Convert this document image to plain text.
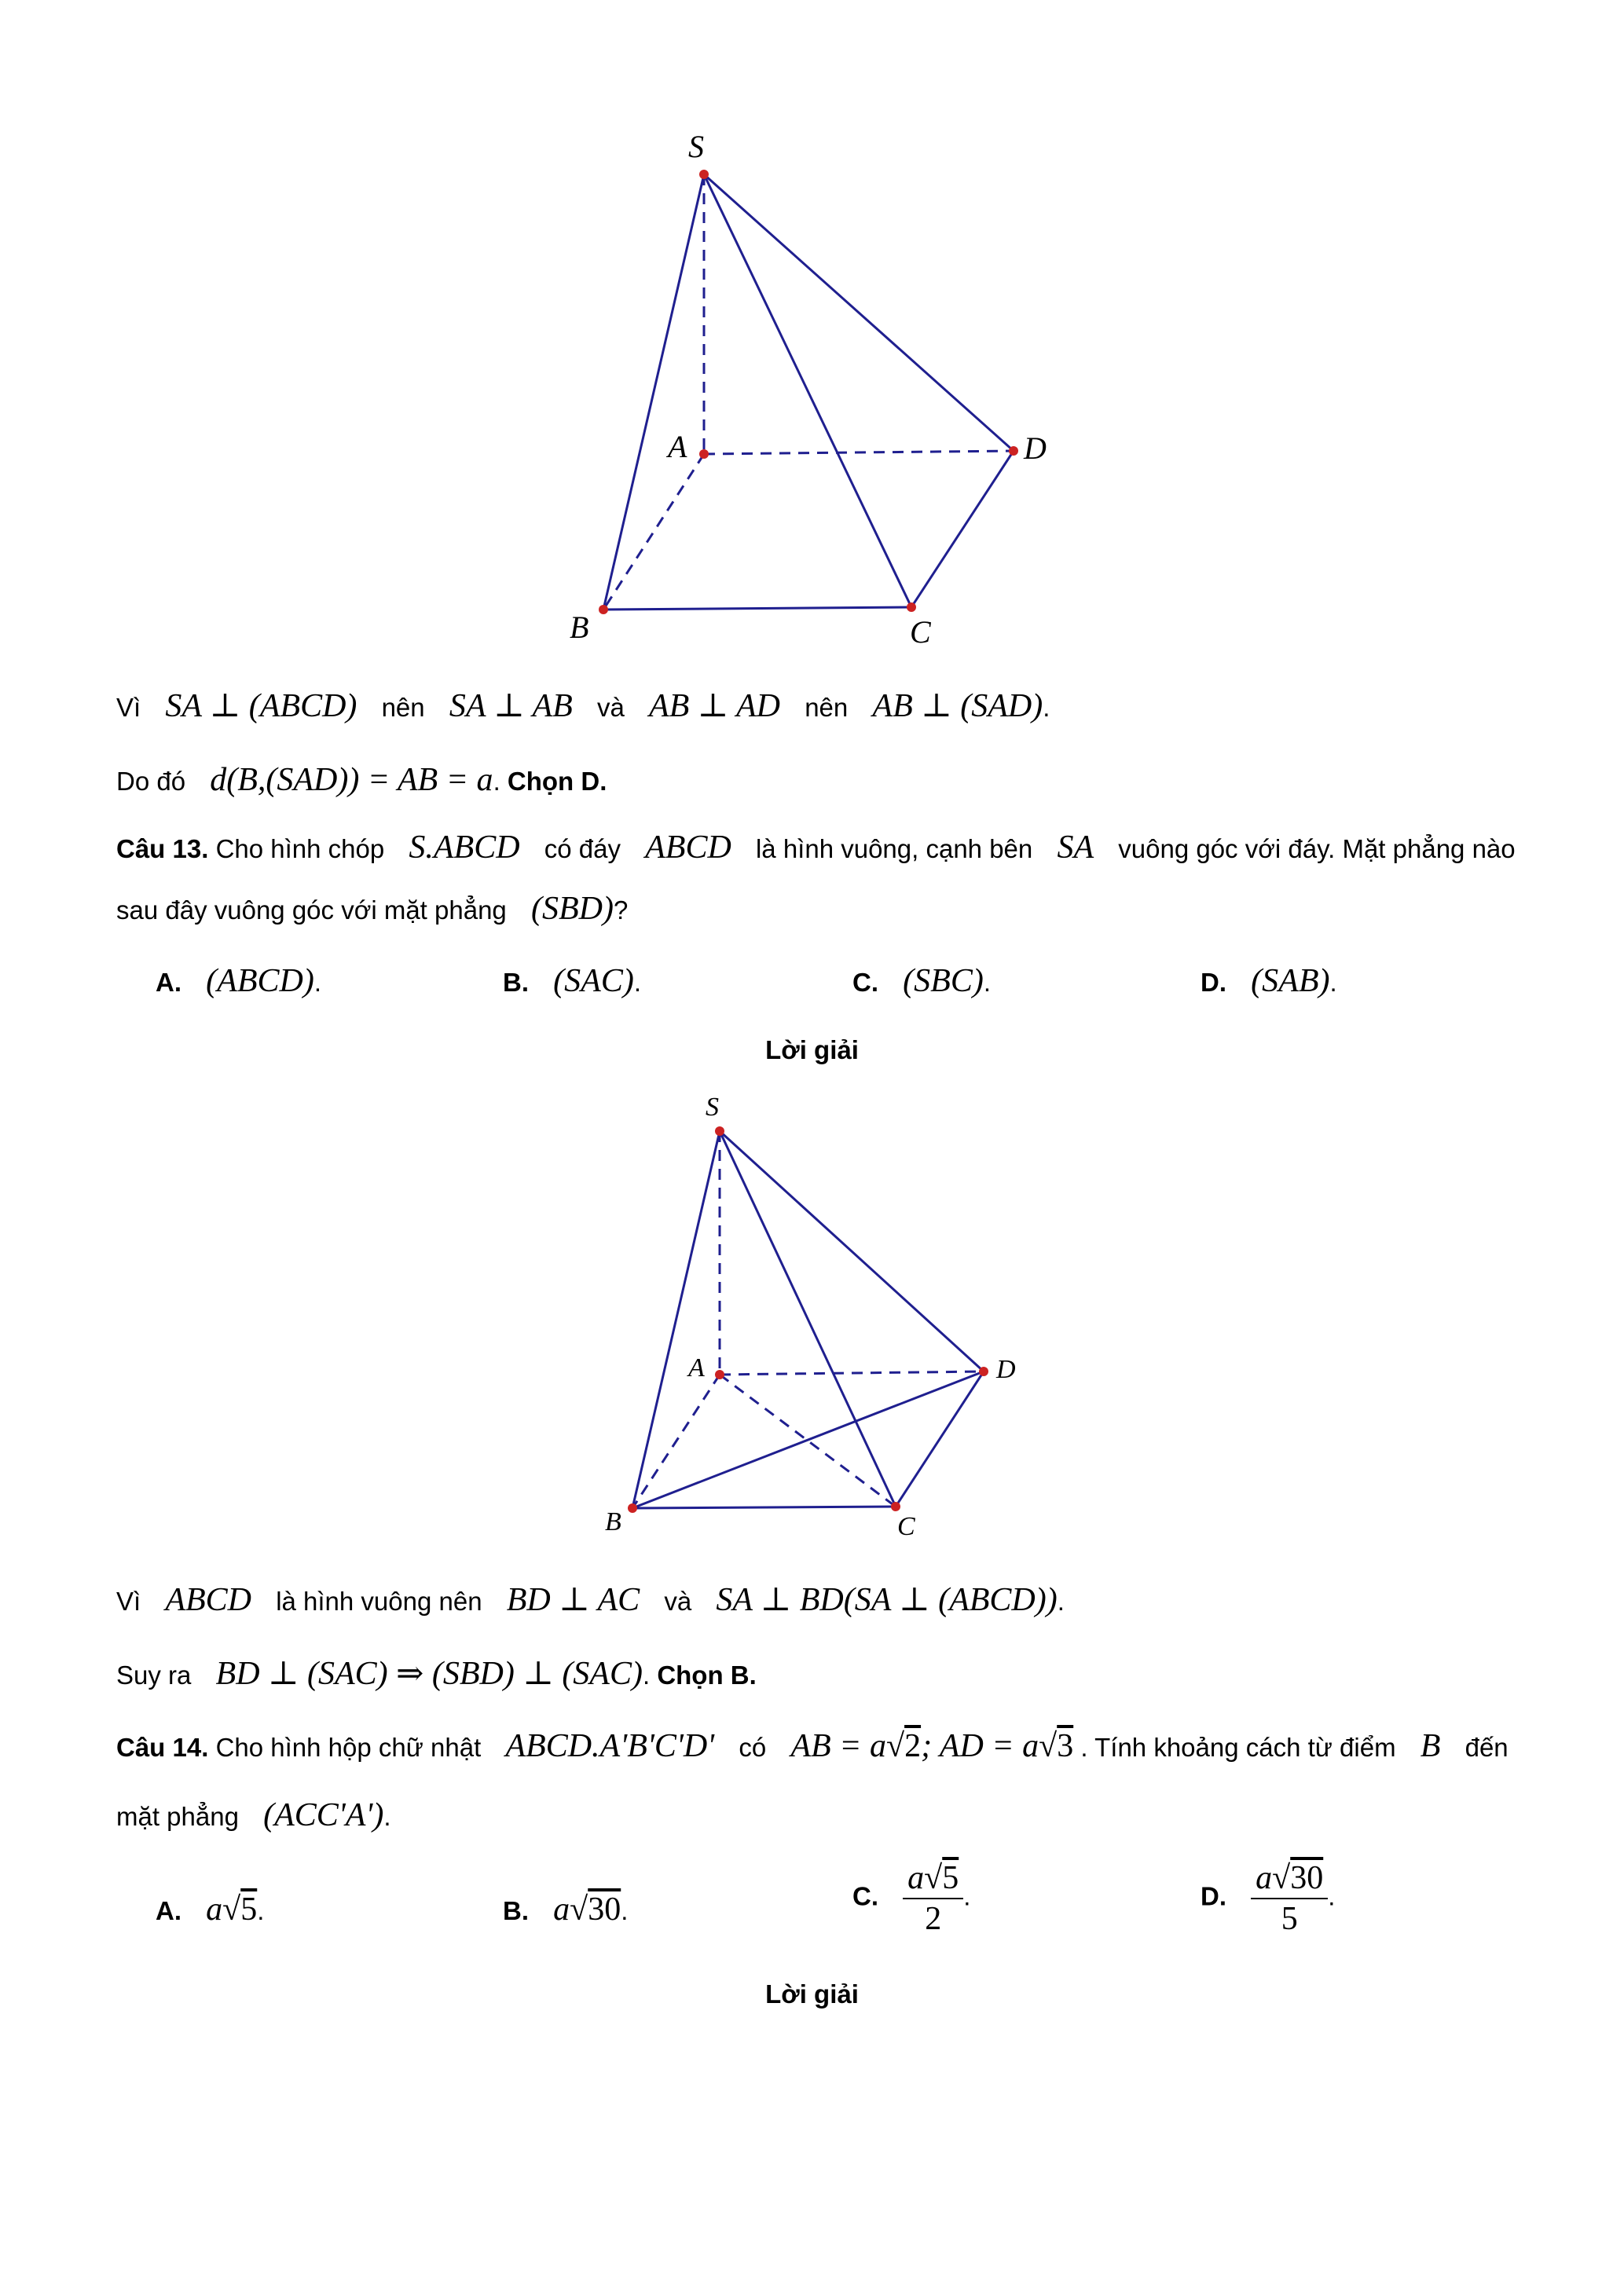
S
A
B	C
D
Vì SA ⊥ (ABCD) nên SA ⊥ AB và AB ⊥ AD nên AB ⊥ (SAD).
Do đó d(B,(SAD)) = AB = a. Chọn D.
Câu 13. Cho hình chóp S.ABCD có đáy ABCD là hình vuông, cạnh bên SA vuông góc với đáy. Mặt phẳng nào
sau đây vuông góc với mặt phẳng (SBD)?
A. (ABCD).	B. (SAC).	C. (SBC).	D. (SAB).
Lời giải
S
A
B	C
D
Vì ABCD là hình vuông nên BD ⊥ AC và SA ⊥ BD(SA ⊥ (ABCD)).
Suy ra BD ⊥ (SAC) ⇒ (SBD) ⊥ (SAC). Chọn B.
Câu 14. Cho hình hộp chữ nhật ABCD.A'B'C'D' có AB = a√2; AD = a√3 . Tính khoảng cách từ điểm B đến
mặt phẳng (ACC'A').
A. a√5.	B. a√30.	C. $\frac{a√5}{2}$ .	D. $\frac{a√30}{5}$ .
Lời giải
